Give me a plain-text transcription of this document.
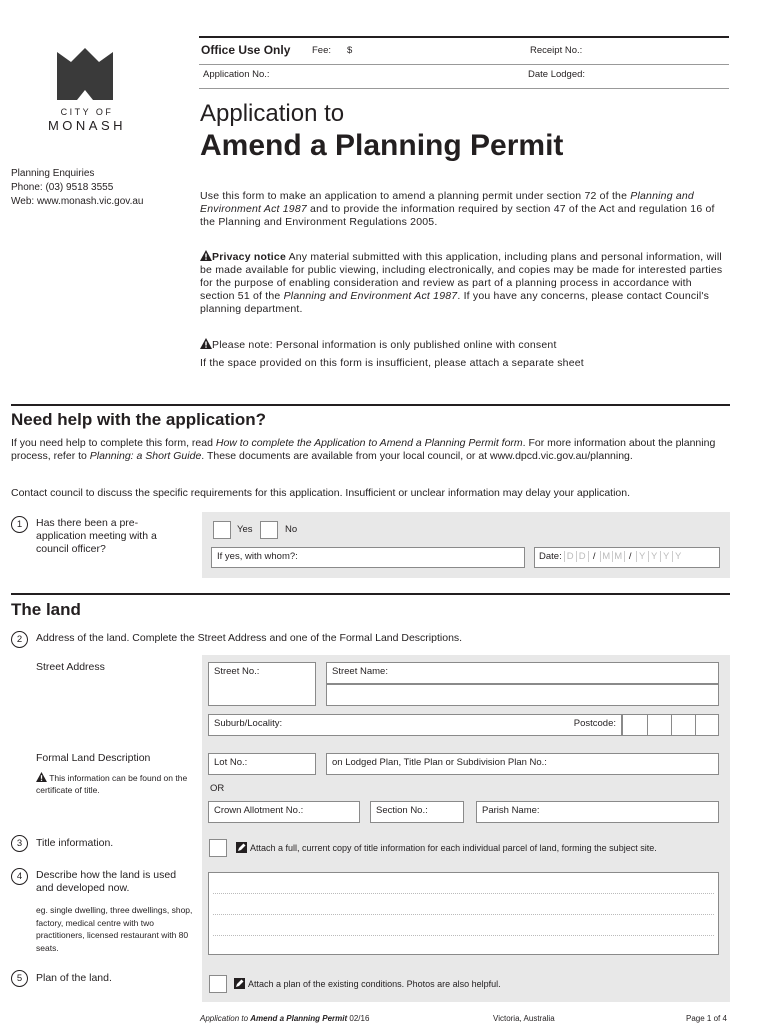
CITY OF
MONASH
Planning Enquiries
Phone: (03) 9518 3555
Web: www.monash.vic.gov.au
Office Use Only Fee: $	Receipt No.:
Application No.:	Date Lodged:
Application to
Amend a Planning Permit
Use this form to make an application to amend a planning permit under section 72 of the Planning and Environment Act 1987 and to provide the information required by section 47 of the Act and regulation 16 of the Planning and Environment Regulations 2005.
Privacy notice Any material submitted with this application, including plans and personal information, will be made available for public viewing, including electronically, and copies may be made for interested parties for the purpose of enabling consideration and review as part of a planning process in accordance with section 51 of the Planning and Environment Act 1987. If you have any concerns, please contact Council's planning department.
Please note: Personal information is only published online with consent
If the space provided on this form is insufficient, please attach a separate sheet
Need help with the application?
If you need help to complete this form, read How to complete the Application to Amend a Planning Permit form. For more information about the planning process, refer to Planning: a Short Guide. These documents are available from your local council, or at www.dpcd.vic.gov.au/planning.
Contact council to discuss the specific requirements for this application. Insufficient or unclear information may delay your application.
1	Has there been a pre-application meeting with a council officer?
Yes	No
If yes, with whom?:	Date: D D / M M / Y Y Y Y
The land
2	Address of the land. Complete the Street Address and one of the Formal Land Descriptions.
Street Address	Street No.:	Street Name:
Suburb/Locality:	Postcode:
Formal Land Description
This information can be found on the certificate of title.
Lot No.:	on Lodged Plan, Title Plan or Subdivision Plan No.:
OR
Crown Allotment No.:	Section No.:	Parish Name:
3	Title information.	Attach a full, current copy of title information for each individual parcel of land, forming the subject site.
4	Describe how the land is used and developed now.
eg. single dwelling, three dwellings, shop, factory, medical centre with two practitioners, licensed restaurant with 80 seats.
5	Plan of the land.	Attach a plan of the existing conditions. Photos are also helpful.
Application to Amend a Planning Permit 02/16	Victoria, Australia	Page 1 of 4
